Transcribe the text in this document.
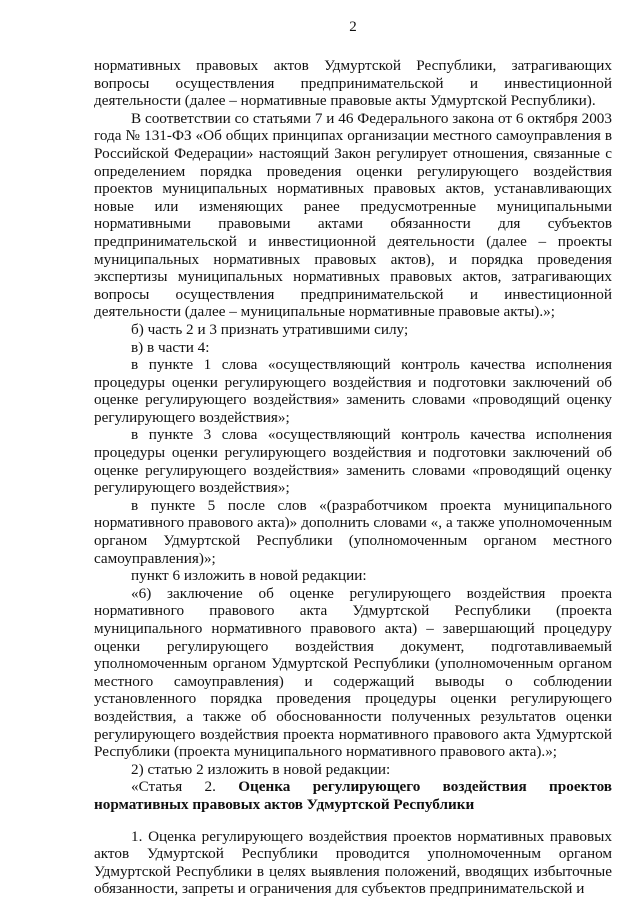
2

нормативных правовых актов Удмуртской Республики, затрагивающих вопросы осуществления предпринимательской и инвестиционной деятельности (далее – нормативные правовые акты Удмуртской Республики).

В соответствии со статьями 7 и 46 Федерального закона от 6 октября 2003 года № 131-ФЗ «Об общих принципах организации местного самоуправления в Российской Федерации» настоящий Закон регулирует отношения, связанные с определением порядка проведения оценки регулирующего воздействия проектов муниципальных нормативных правовых актов, устанавливающих новые или изменяющих ранее предусмотренные муниципальными нормативными правовыми актами обязанности для субъектов предпринимательской и инвестиционной деятельности (далее – проекты муниципальных нормативных правовых актов), и порядка проведения экспертизы муниципальных нормативных правовых актов, затрагивающих вопросы осуществления предпринимательской и инвестиционной деятельности (далее – муниципальные нормативные правовые акты).»;

б) часть 2 и 3 признать утратившими силу;

в) в части 4:

в пункте 1 слова «осуществляющий контроль качества исполнения процедуры оценки регулирующего воздействия и подготовки заключений об оценке регулирующего воздействия» заменить словами «проводящий оценку регулирующего воздействия»;

в пункте 3 слова «осуществляющий контроль качества исполнения процедуры оценки регулирующего воздействия и подготовки заключений об оценке регулирующего воздействия» заменить словами «проводящий оценку регулирующего воздействия»;

в пункте 5 после слов «(разработчиком проекта муниципального нормативного правового акта)» дополнить словами «, а также уполномоченным органом Удмуртской Республики (уполномоченным органом местного самоуправления)»;

пункт 6 изложить в новой редакции:

«6) заключение об оценке регулирующего воздействия проекта нормативного правового акта Удмуртской Республики (проекта муниципального нормативного правового акта) – завершающий процедуру оценки регулирующего воздействия документ, подготавливаемый уполномоченным органом Удмуртской Республики (уполномоченным органом местного самоуправления) и содержащий выводы о соблюдении установленного порядка проведения процедуры оценки регулирующего воздействия, а также об обоснованности полученных результатов оценки регулирующего воздействия проекта нормативного правового акта Удмуртской Республики (проекта муниципального нормативного правового акта).»;

2) статью 2 изложить в новой редакции:

«Статья 2. Оценка регулирующего воздействия проектов нормативных правовых актов Удмуртской Республики

1. Оценка регулирующего воздействия проектов нормативных правовых актов Удмуртской Республики проводится уполномоченным органом Удмуртской Республики в целях выявления положений, вводящих избыточные обязанности, запреты и ограничения для субъектов предпринимательской и
